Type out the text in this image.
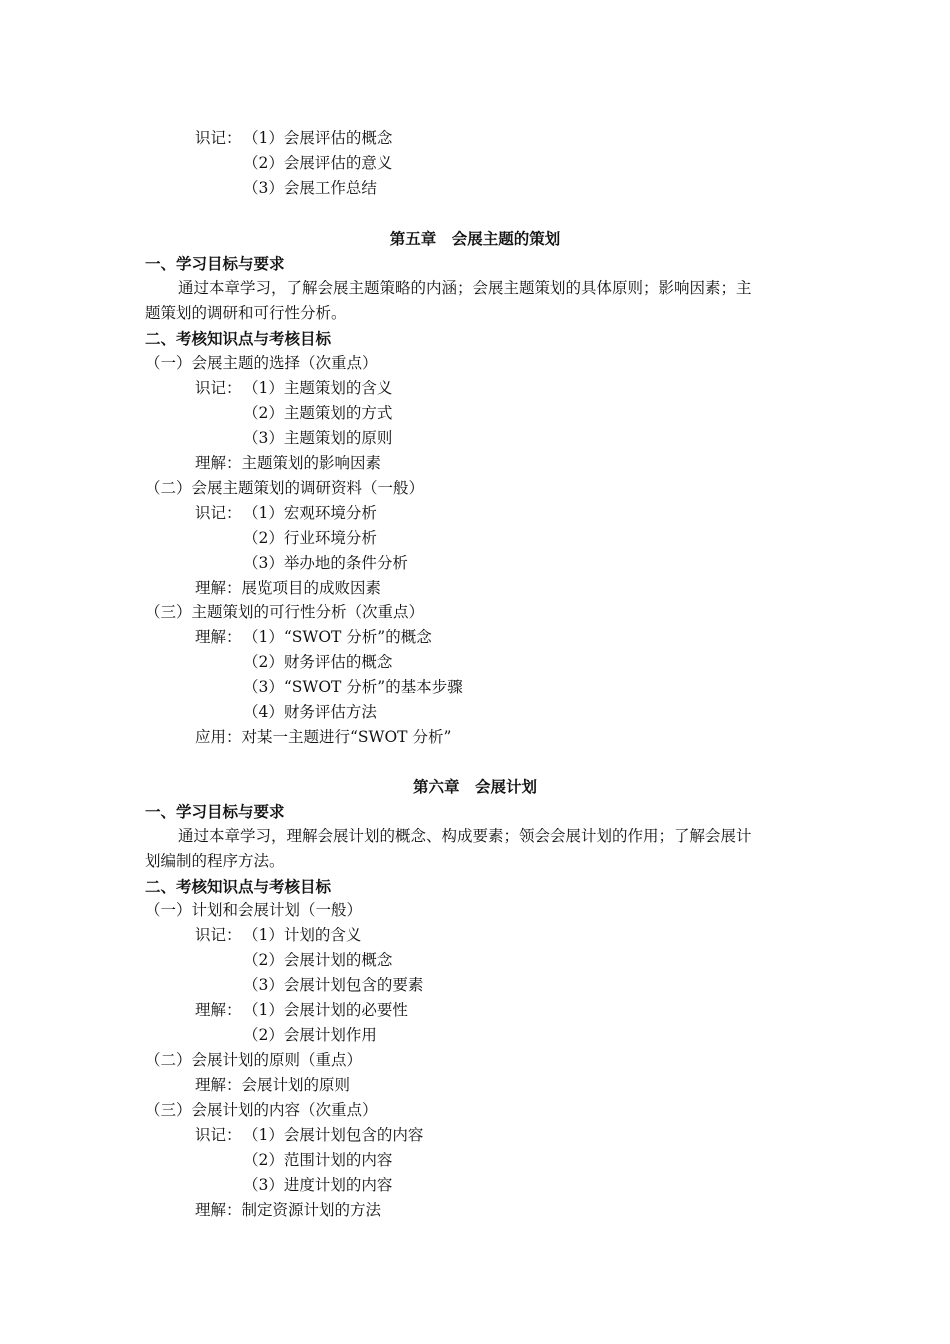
识记： （1）会展评估的概念
（2）会展评估的意义
（3）会展工作总结
第五章　会展主题的策划
一、学习目标与要求
通过本章学习，了解会展主题策略的内涵；会展主题策划的具体原则；影响因素；主
题策划的调研和可行性分析。
二、考核知识点与考核目标
（一）会展主题的选择（次重点）
识记： （1）主题策划的含义
（2）主题策划的方式
（3）主题策划的原则
理解：主题策划的影响因素
（二）会展主题策划的调研资料（一般）
识记： （1）宏观环境分析
（2）行业环境分析
（3）举办地的条件分析
理解：展览项目的成败因素
（三）主题策划的可行性分析（次重点）
理解： （1）“SWOT 分析”的概念
（2）财务评估的概念
（3）“SWOT 分析”的基本步骤
（4）财务评估方法
应用：对某一主题进行“SWOT 分析”
第六章　会展计划
一、学习目标与要求
通过本章学习，理解会展计划的概念、构成要素；领会会展计划的作用；了解会展计
划编制的程序方法。
二、考核知识点与考核目标
（一）计划和会展计划（一般）
识记： （1）计划的含义
（2）会展计划的概念
（3）会展计划包含的要素
理解： （1）会展计划的必要性
（2）会展计划作用
（二）会展计划的原则（重点）
理解：会展计划的原则
（三）会展计划的内容（次重点）
识记： （1）会展计划包含的内容
（2）范围计划的内容
（3）进度计划的内容
理解：制定资源计划的方法
